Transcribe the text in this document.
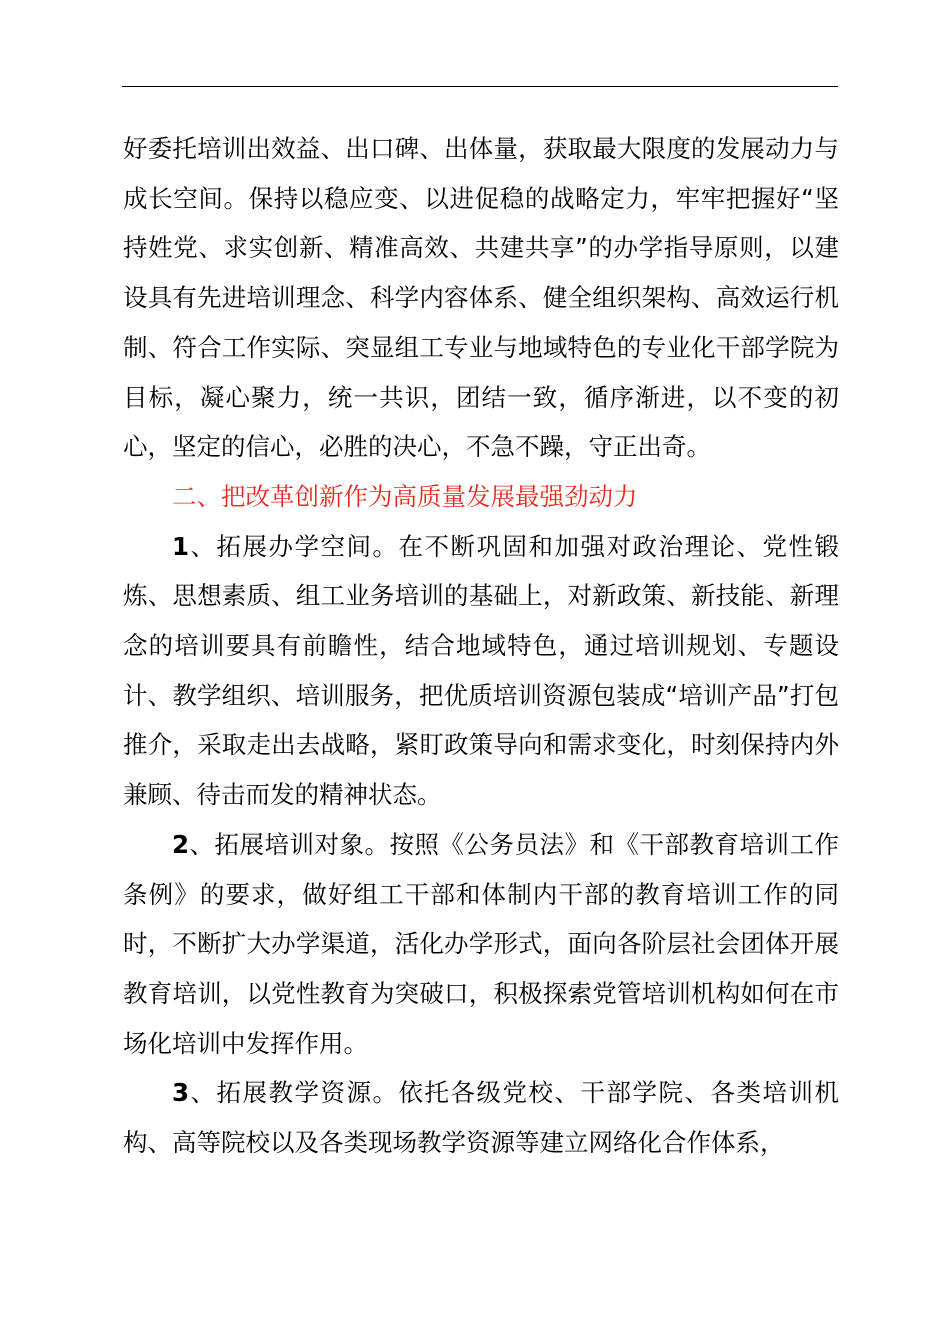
好委托培训出效益、出口碑、出体量，获取最大限度的发展动力与成长空间。保持以稳应变、以进促稳的战略定力，牢牢把握好“坚持姓党、求实创新、精准高效、共建共享”的办学指导原则，以建设具有先进培训理念、科学内容体系、健全组织架构、高效运行机制、符合工作实际、突显组工专业与地域特色的专业化干部学院为目标，凝心聚力，统一共识，团结一致，循序渐进，以不变的初心，坚定的信心，必胜的决心，不急不躁，守正出奇。

二、把改革创新作为高质量发展最强劲动力

1、拓展办学空间。在不断巩固和加强对政治理论、党性锻炼、思想素质、组工业务培训的基础上，对新政策、新技能、新理念的培训要具有前瞻性，结合地域特色，通过培训规划、专题设计、教学组织、培训服务，把优质培训资源包装成“培训产品”打包推介，采取走出去战略，紧盯政策导向和需求变化，时刻保持内外兼顾、待击而发的精神状态。

2、拓展培训对象。按照《公务员法》和《干部教育培训工作条例》的要求，做好组工干部和体制内干部的教育培训工作的同时，不断扩大办学渠道，活化办学形式，面向各阶层社会团体开展教育培训，以党性教育为突破口，积极探索党管培训机构如何在市场化培训中发挥作用。

3、拓展教学资源。依托各级党校、干部学院、各类培训机构、高等院校以及各类现场教学资源等建立网络化合作体系，
